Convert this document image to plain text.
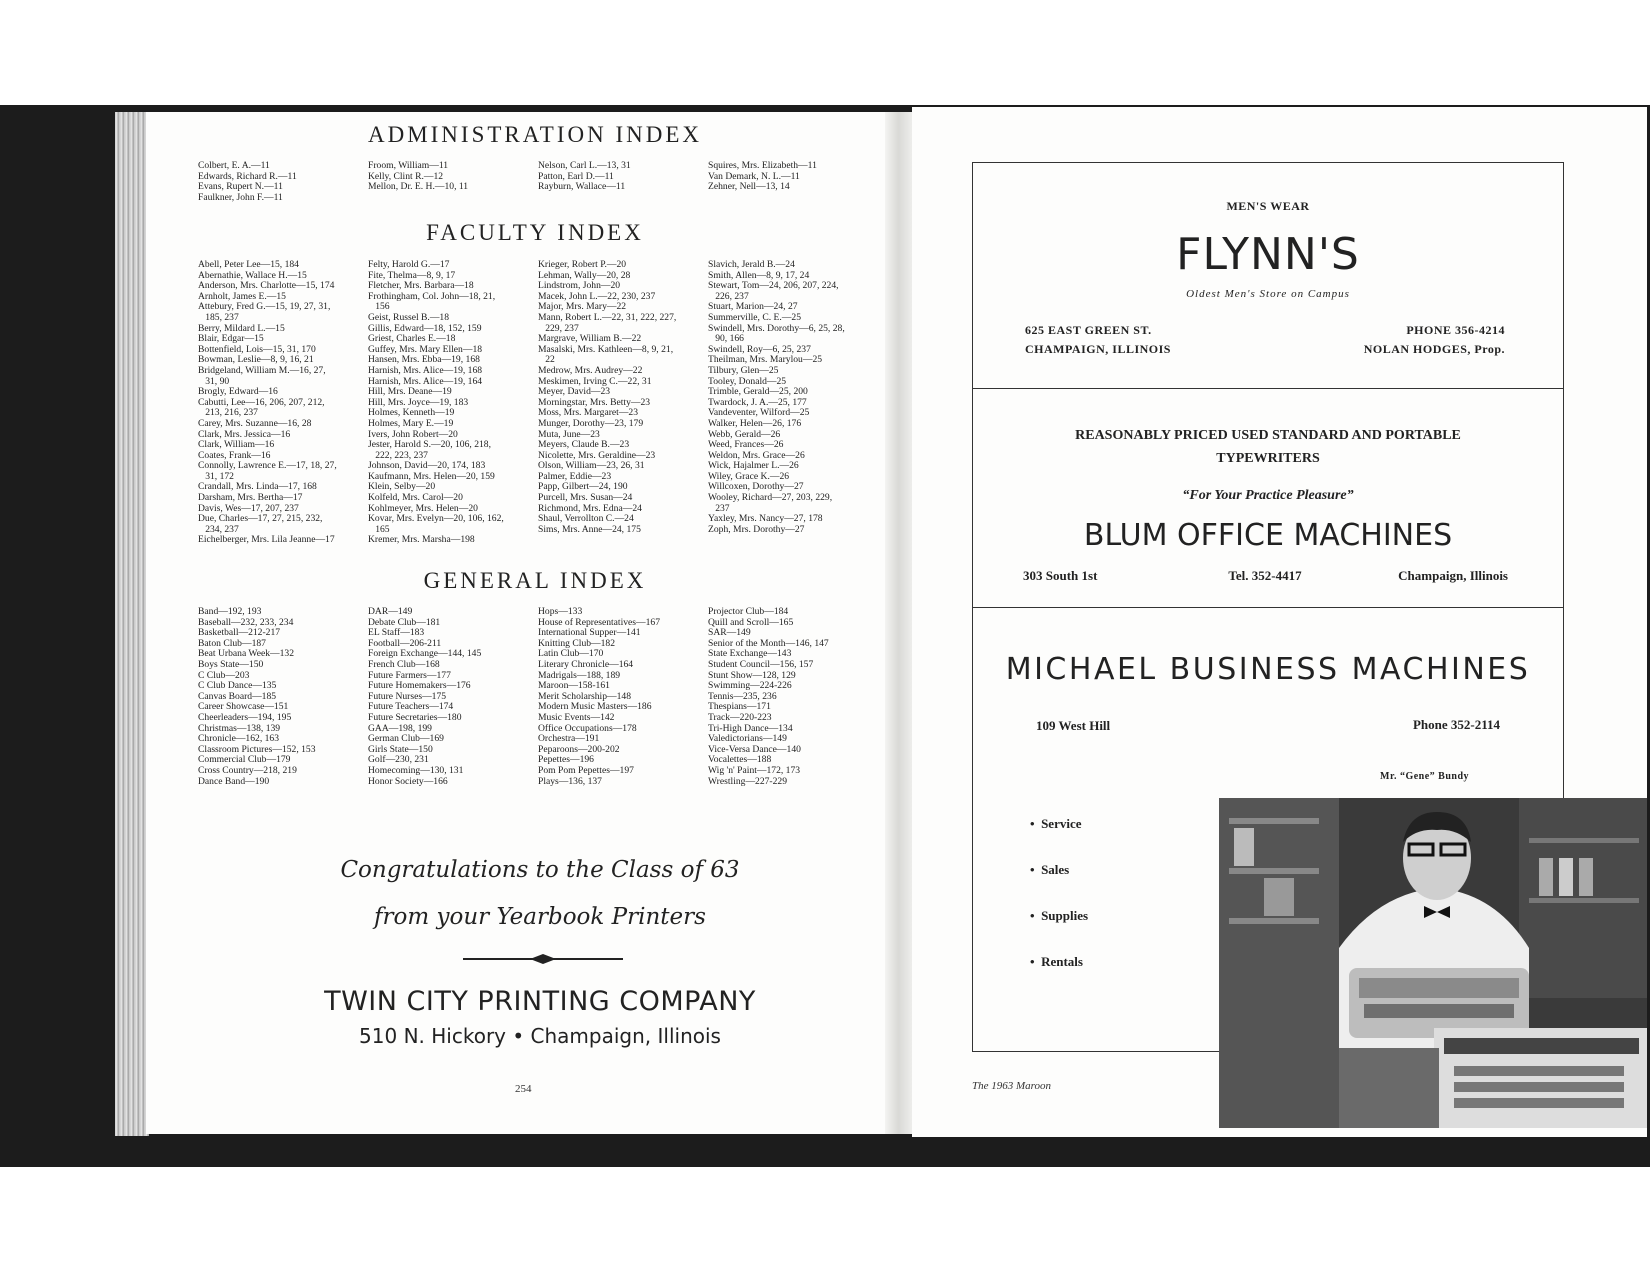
ADMINISTRATION INDEX
Colbert, E. A.—11
Edwards, Richard R.—11
Evans, Rupert N.—11
Faulkner, John F.—11
Froom, William—11
Kelly, Clint R.—12
Mellon, Dr. E. H.—10, 11
Nelson, Carl L.—13, 31
Patton, Earl D.—11
Rayburn, Wallace—11
Squires, Mrs. Elizabeth—11
Van Demark, N. L.—11
Zehner, Nell—13, 14
FACULTY INDEX
Abell, Peter Lee—15, 184
Abernathie, Wallace H.—15
Anderson, Mrs. Charlotte—15, 174
Arnholt, James E.—15
Attebury, Fred G.—15, 19, 27, 31,
185, 237
Berry, Mildard L.—15
Blair, Edgar—15
Bottenfield, Lois—15, 31, 170
Bowman, Leslie—8, 9, 16, 21
Bridgeland, William M.—16, 27,
31, 90
Brogly, Edward—16
Cabutti, Lee—16, 206, 207, 212,
213, 216, 237
Carey, Mrs. Suzanne—16, 28
Clark, Mrs. Jessica—16
Clark, William—16
Coates, Frank—16
Connolly, Lawrence E.—17, 18, 27,
31, 172
Crandall, Mrs. Linda—17, 168
Darsham, Mrs. Bertha—17
Davis, Wes—17, 207, 237
Due, Charles—17, 27, 215, 232,
234, 237
Eichelberger, Mrs. Lila Jeanne—17
Felty, Harold G.—17
Fite, Thelma—8, 9, 17
Fletcher, Mrs. Barbara—18
Frothingham, Col. John—18, 21,
156
Geist, Russel B.—18
Gillis, Edward—18, 152, 159
Griest, Charles E.—18
Guffey, Mrs. Mary Ellen—18
Hansen, Mrs. Ebba—19, 168
Harnish, Mrs. Alice—19, 168
Harnish, Mrs. Alice—19, 164
Hill, Mrs. Deane—19
Hill, Mrs. Joyce—19, 183
Holmes, Kenneth—19
Holmes, Mary E.—19
Ivers, John Robert—20
Jester, Harold S.—20, 106, 218,
222, 223, 237
Johnson, David—20, 174, 183
Kaufmann, Mrs. Helen—20, 159
Klein, Selby—20
Kolfeld, Mrs. Carol—20
Kohlmeyer, Mrs. Helen—20
Kovar, Mrs. Evelyn—20, 106, 162,
165
Kremer, Mrs. Marsha—198
Krieger, Robert P.—20
Lehman, Wally—20, 28
Lindstrom, John—20
Macek, John L.—22, 230, 237
Major, Mrs. Mary—22
Mann, Robert L.—22, 31, 222, 227,
229, 237
Margrave, William B.—22
Masalski, Mrs. Kathleen—8, 9, 21,
22
Medrow, Mrs. Audrey—22
Meskimen, Irving C.—22, 31
Meyer, David—23
Morningstar, Mrs. Betty—23
Moss, Mrs. Margaret—23
Munger, Dorothy—23, 179
Muta, June—23
Meyers, Claude B.—23
Nicolette, Mrs. Geraldine—23
Olson, William—23, 26, 31
Palmer, Eddie—23
Papp, Gilbert—24, 190
Purcell, Mrs. Susan—24
Richmond, Mrs. Edna—24
Shaul, Verrollton C.—24
Sims, Mrs. Anne—24, 175
Slavich, Jerald B.—24
Smith, Allen—8, 9, 17, 24
Stewart, Tom—24, 206, 207, 224,
226, 237
Stuart, Marion—24, 27
Summerville, C. E.—25
Swindell, Mrs. Dorothy—6, 25, 28,
90, 166
Swindell, Roy—6, 25, 237
Theilman, Mrs. Marylou—25
Tilbury, Glen—25
Tooley, Donald—25
Trimble, Gerald—25, 200
Twardock, J. A.—25, 177
Vandeventer, Wilford—25
Walker, Helen—26, 176
Webb, Gerald—26
Weed, Frances—26
Weldon, Mrs. Grace—26
Wick, Hajalmer L.—26
Wiley, Grace K.—26
Willcoxen, Dorothy—27
Wooley, Richard—27, 203, 229,
237
Yaxley, Mrs. Nancy—27, 178
Zoph, Mrs. Dorothy—27
GENERAL INDEX
Band—192, 193
Baseball—232, 233, 234
Basketball—212-217
Baton Club—187
Beat Urbana Week—132
Boys State—150
C Club—203
C Club Dance—135
Canvas Board—185
Career Showcase—151
Cheerleaders—194, 195
Christmas—138, 139
Chronicle—162, 163
Classroom Pictures—152, 153
Commercial Club—179
Cross Country—218, 219
Dance Band—190
DAR—149
Debate Club—181
EL Staff—183
Football—206-211
Foreign Exchange—144, 145
French Club—168
Future Farmers—177
Future Homemakers—176
Future Nurses—175
Future Teachers—174
Future Secretaries—180
GAA—198, 199
German Club—169
Girls State—150
Golf—230, 231
Homecoming—130, 131
Honor Society—166
Hops—133
House of Representatives—167
International Supper—141
Knitting Club—182
Latin Club—170
Literary Chronicle—164
Madrigals—188, 189
Maroon—158-161
Merit Scholarship—148
Modern Music Masters—186
Music Events—142
Office Occupations—178
Orchestra—191
Peparoons—200-202
Pepettes—196
Pom Pom Pepettes—197
Plays—136, 137
Projector Club—184
Quill and Scroll—165
SAR—149
Senior of the Month—146, 147
State Exchange—143
Student Council—156, 157
Stunt Show—128, 129
Swimming—224-226
Tennis—235, 236
Thespians—171
Track—220-223
Tri-High Dance—134
Valedictorians—149
Vice-Versa Dance—140
Vocalettes—188
Wig 'n' Paint—172, 173
Wrestling—227-229
Congratulations to the Class of 63
from your Yearbook Printers
TWIN CITY PRINTING COMPANY
510 N. Hickory • Champaign, Illinois
254
MEN'S WEAR
FLYNN'S
Oldest Men's Store on Campus
625 EAST GREEN ST.
CHAMPAIGN, ILLINOIS
PHONE 356-4214
NOLAN HODGES, Prop.
REASONABLY PRICED USED STANDARD AND PORTABLE
TYPEWRITERS
“For Your Practice Pleasure”
BLUM OFFICE MACHINES
303 South 1st	Tel. 352-4417	Champaign, Illinois
MICHAEL BUSINESS MACHINES
109 West Hill	Phone 352-2114
Mr. “Gene” Bundy
•  Service
•  Sales
•  Supplies
•  Rentals
The 1963 Maroon
